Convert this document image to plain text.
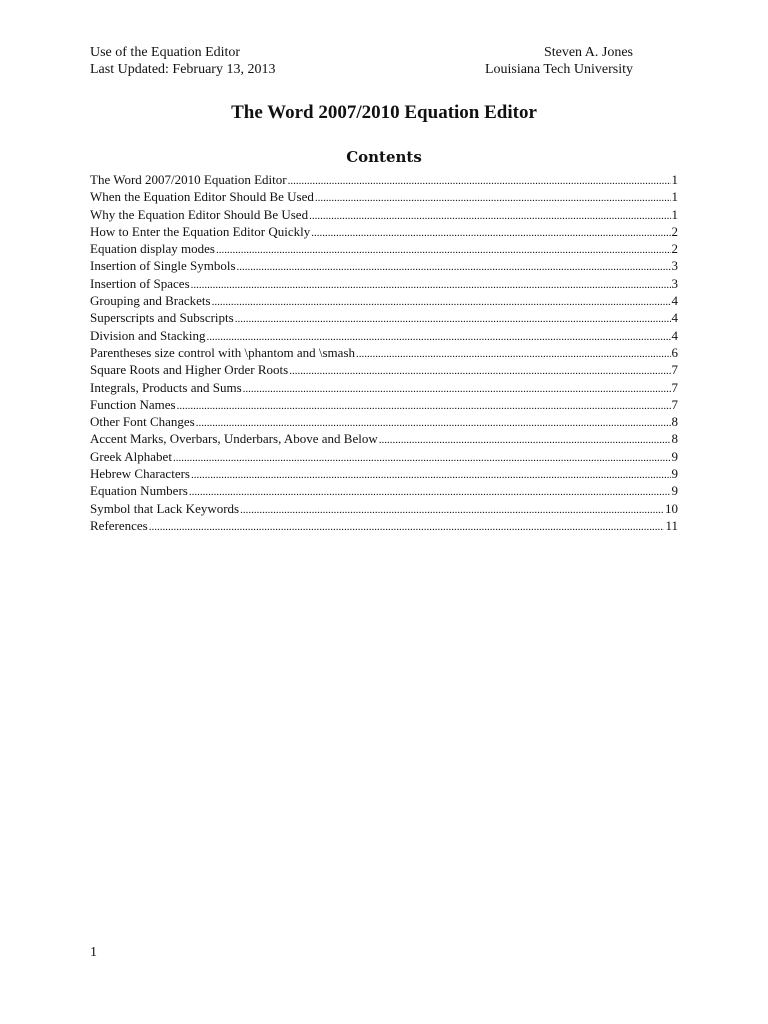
Use of the Equation Editor	Steven A. Jones
Last Updated: February 13, 2013	Louisiana Tech University
The Word 2007/2010 Equation Editor
Contents
The Word 2007/2010 Equation Editor .....	1
When the Equation Editor Should Be Used .....	1
Why the Equation Editor Should Be Used .....	1
How to Enter the Equation Editor Quickly .....	2
Equation display modes .....	2
Insertion of Single Symbols .....	3
Insertion of Spaces .....	3
Grouping and Brackets .....	4
Superscripts and Subscripts .....	4
Division and Stacking .....	4
Parentheses size control with \phantom and \smash .....	6
Square Roots and Higher Order Roots .....	7
Integrals, Products and Sums .....	7
Function Names .....	7
Other Font Changes .....	8
Accent Marks, Overbars, Underbars, Above and Below .....	8
Greek Alphabet .....	9
Hebrew Characters .....	9
Equation Numbers .....	9
Symbol that Lack Keywords .....	10
References .....	11
1
